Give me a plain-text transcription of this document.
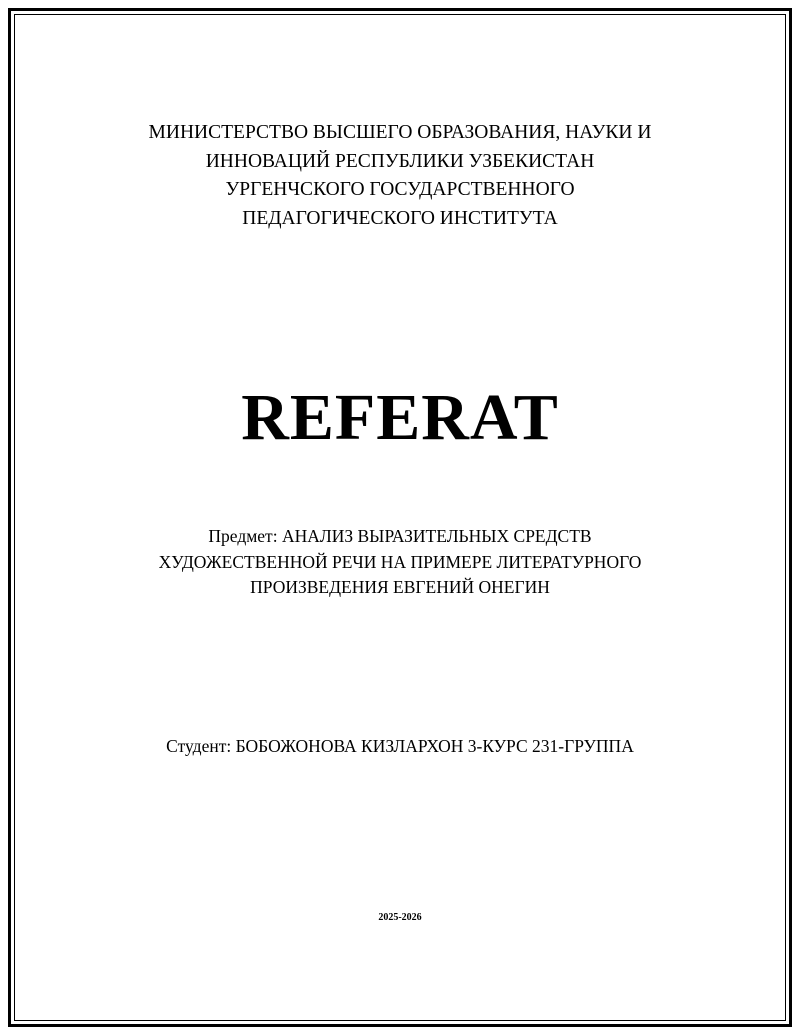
МИНИСТЕРСТВО ВЫСШЕГО ОБРАЗОВАНИЯ, НАУКИ И
ИННОВАЦИЙ РЕСПУБЛИКИ УЗБЕКИСТАН
УРГЕНЧСКОГО ГОСУДАРСТВЕННОГО
ПЕДАГОГИЧЕСКОГО ИНСТИТУТА
REFERAT
Предмет: АНАЛИЗ ВЫРАЗИТЕЛЬНЫХ СРЕДСТВ
ХУДОЖЕСТВЕННОЙ РЕЧИ НА ПРИМЕРЕ ЛИТЕРАТУРНОГО
ПРОИЗВЕДЕНИЯ ЕВГЕНИЙ ОНЕГИН
Студент: БОБОЖОНОВА КИЗЛАРХОН 3-КУРС 231-ГРУППА
2025-2026
